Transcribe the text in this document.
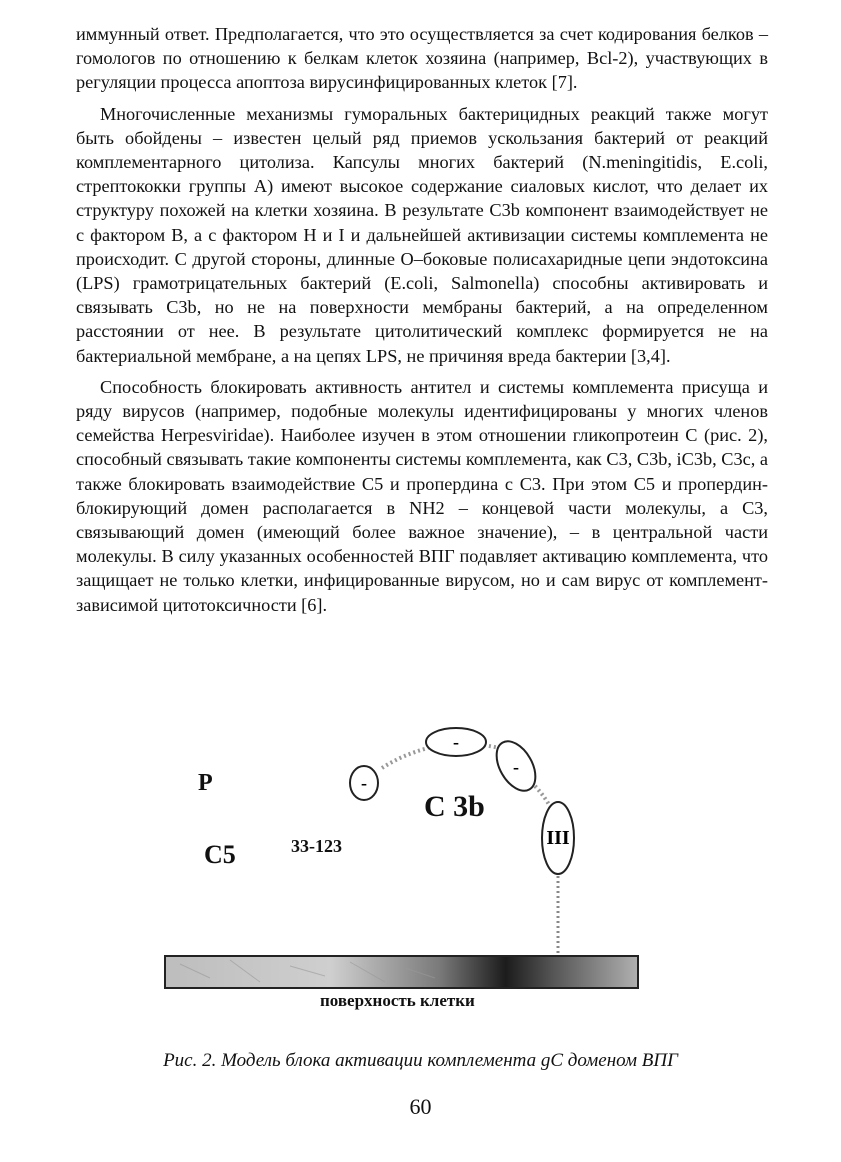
иммунный ответ. Предполагается, что это осуществляется за счет кодирования белков – гомологов по отношению к белкам клеток хозяина (например, Bcl-2), участвующих в регуляции процесса апоптоза вирусинфицированных клеток [7].

Многочисленные механизмы гуморальных бактерицидных реакций также могут быть обойдены – известен целый ряд приемов ускользания бактерий от реакций комплементарного цитолиза. Капсулы многих бактерий (N.meningitidis, E.coli, стрептококки группы А) имеют высокое содержание сиаловых кислот, что делает их структуру похожей на клетки хозяина. В результате С3b компонент взаимодействует не с фактором В, а с фактором Н и I и дальнейшей активизации системы комплемента не происходит. С другой стороны, длинные О–боковые полисахаридные цепи эндотоксина (LPS) грамотрицательных бактерий (E.coli, Salmonella) способны активировать и связывать С3b, но не на поверхности мембраны бактерий, а на определенном расстоянии от нее. В результате цитолитический комплекс формируется не на бактериальной мембране, а на цепях LPS, не причиняя вреда бактерии [3,4].

Способность блокировать активность антител и системы комплемента присуща и ряду вирусов (например, подобные молекулы идентифицированы у многих членов семейства Herpesviridae). Наиболее изучен в этом отношении гликопротеин С (рис. 2), способный связывать такие компоненты системы комплемента, как С3, С3b, iC3b, C3c, а также блокировать взаимодействие С5 и пропердина с С3. При этом С5 и пропердин-блокирующий домен располагается в NH2 – концевой части молекулы, а С3, связывающий домен (имеющий более важное значение), – в центральной части молекулы. В силу указанных особенностей ВПГ подавляет активацию комплемента, что защищает не только клетки, инфицированные вирусом, но и сам вирус от комплемент-зависимой цитотоксичности [6].

-
-
-
III
P
C 3b
C5	33-123
поверхность клетки
Рис. 2. Модель блока активации комплемента gC доменом ВПГ
60
